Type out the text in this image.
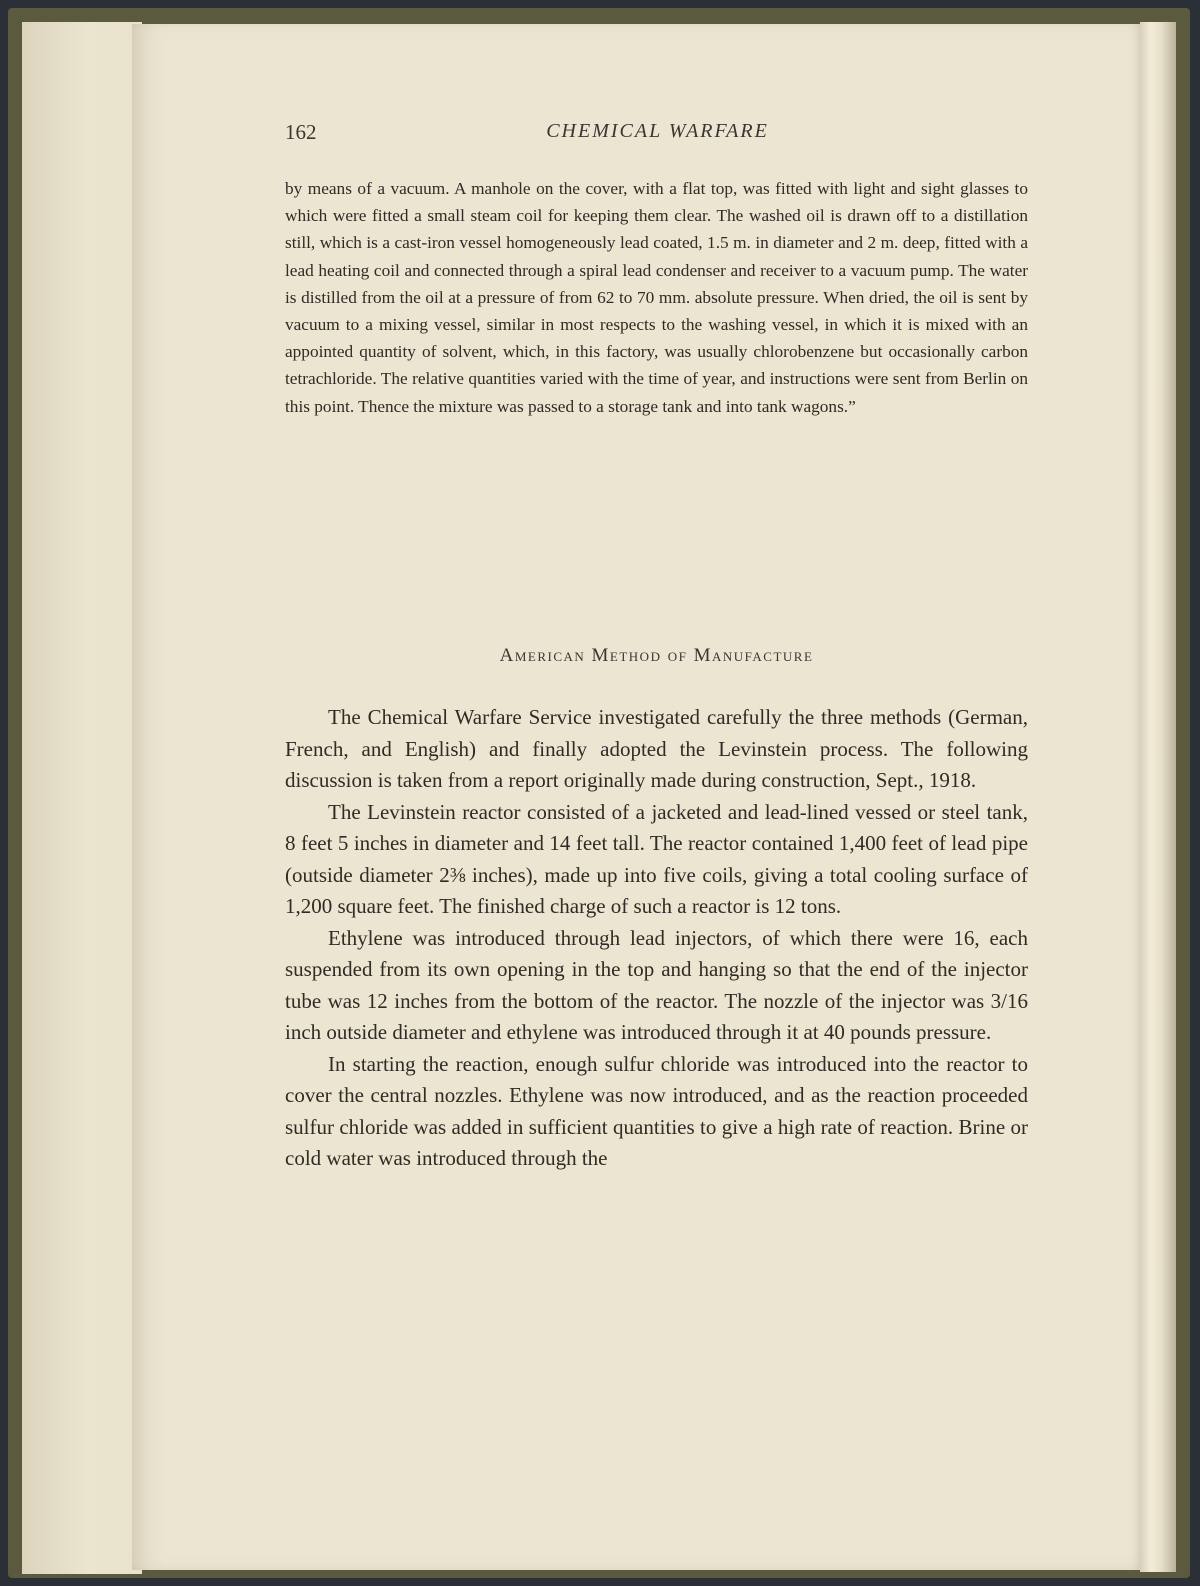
162	CHEMICAL WARFARE

by means of a vacuum. A manhole on the cover, with a flat top, was fitted with light and sight glasses to which were fitted a small steam coil for keeping them clear. The washed oil is drawn off to a distillation still, which is a cast-iron vessel homogeneously lead coated, 1.5 m. in diameter and 2 m. deep, fitted with a lead heating coil and connected through a spiral lead condenser and receiver to a vacuum pump. The water is distilled from the oil at a pressure of from 62 to 70 mm. absolute pressure. When dried, the oil is sent by vacuum to a mixing vessel, similar in most respects to the washing vessel, in which it is mixed with an appointed quantity of solvent, which, in this factory, was usually chlorobenzene but occasionally carbon tetrachloride. The relative quantities varied with the time of year, and instructions were sent from Berlin on this point. Thence the mixture was passed to a storage tank and into tank wagons.”

American Method of Manufacture

The Chemical Warfare Service investigated carefully the three methods (German, French, and English) and finally adopted the Levinstein process. The following discussion is taken from a report originally made during construction, Sept., 1918.

The Levinstein reactor consisted of a jacketed and lead-lined vessed or steel tank, 8 feet 5 inches in diameter and 14 feet tall. The reactor contained 1,400 feet of lead pipe (outside diameter 2⅜ inches), made up into five coils, giving a total cooling surface of 1,200 square feet. The finished charge of such a reactor is 12 tons.

Ethylene was introduced through lead injectors, of which there were 16, each suspended from its own opening in the top and hanging so that the end of the injector tube was 12 inches from the bottom of the reactor. The nozzle of the injector was 3/16 inch outside diameter and ethylene was introduced through it at 40 pounds pressure.

In starting the reaction, enough sulfur chloride was introduced into the reactor to cover the central nozzles. Ethylene was now introduced, and as the reaction proceeded sulfur chloride was added in sufficient quantities to give a high rate of reaction. Brine or cold water was introduced through the
